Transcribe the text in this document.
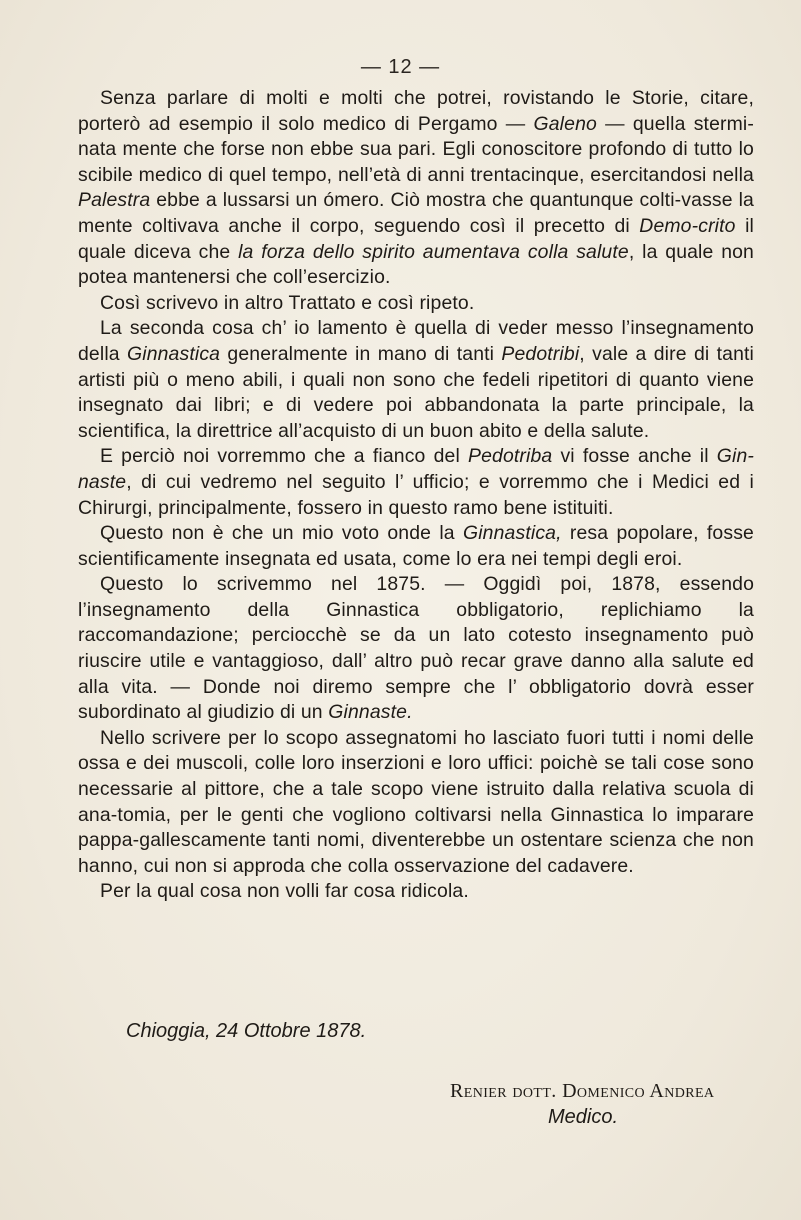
— 12 —

Senza parlare di molti e molti che potrei, rovistando le Storie, citare, porterò ad esempio il solo medico di Pergamo — Galeno — quella stermi-nata mente che forse non ebbe sua pari. Egli conoscitore profondo di tutto lo scibile medico di quel tempo, nell’età di anni trentacinque, esercitandosi nella Palestra ebbe a lussarsi un ómero. Ciò mostra che quantunque colti-vasse la mente coltivava anche il corpo, seguendo così il precetto di Demo-crito il quale diceva che la forza dello spirito aumentava colla salute, la quale non potea mantenersi che coll’esercizio.

Così scrivevo in altro Trattato e così ripeto.

La seconda cosa ch’ io lamento è quella di veder messo l’insegnamento della Ginnastica generalmente in mano di tanti Pedotribi, vale a dire di tanti artisti più o meno abili, i quali non sono che fedeli ripetitori di quanto viene insegnato dai libri; e di vedere poi abbandonata la parte principale, la scientifica, la direttrice all’acquisto di un buon abito e della salute.

E perciò noi vorremmo che a fianco del Pedotriba vi fosse anche il Gin-naste, di cui vedremo nel seguito l’ ufficio; e vorremmo che i Medici ed i Chirurgi, principalmente, fossero in questo ramo bene istituiti.

Questo non è che un mio voto onde la Ginnastica, resa popolare, fosse scientificamente insegnata ed usata, come lo era nei tempi degli eroi.

Questo lo scrivemmo nel 1875. — Oggidì poi, 1878, essendo l’insegnamento della Ginnastica obbligatorio, replichiamo la raccomandazione; perciocchè se da un lato cotesto insegnamento può riuscire utile e vantaggioso, dall’ altro può recar grave danno alla salute ed alla vita. — Donde noi diremo sempre che l’ obbligatorio dovrà esser subordinato al giudizio di un Ginnaste.

Nello scrivere per lo scopo assegnatomi ho lasciato fuori tutti i nomi delle ossa e dei muscoli, colle loro inserzioni e loro uffici: poichè se tali cose sono necessarie al pittore, che a tale scopo viene istruito dalla relativa scuola di ana-tomia, per le genti che vogliono coltivarsi nella Ginnastica lo imparare pappa-gallescamente tanti nomi, diventerebbe un ostentare scienza che non hanno, cui non si approda che colla osservazione del cadavere.

Per la qual cosa non volli far cosa ridicola.

Chioggia, 24 Ottobre 1878.
Renier dott. Domenico Andrea
Medico.
